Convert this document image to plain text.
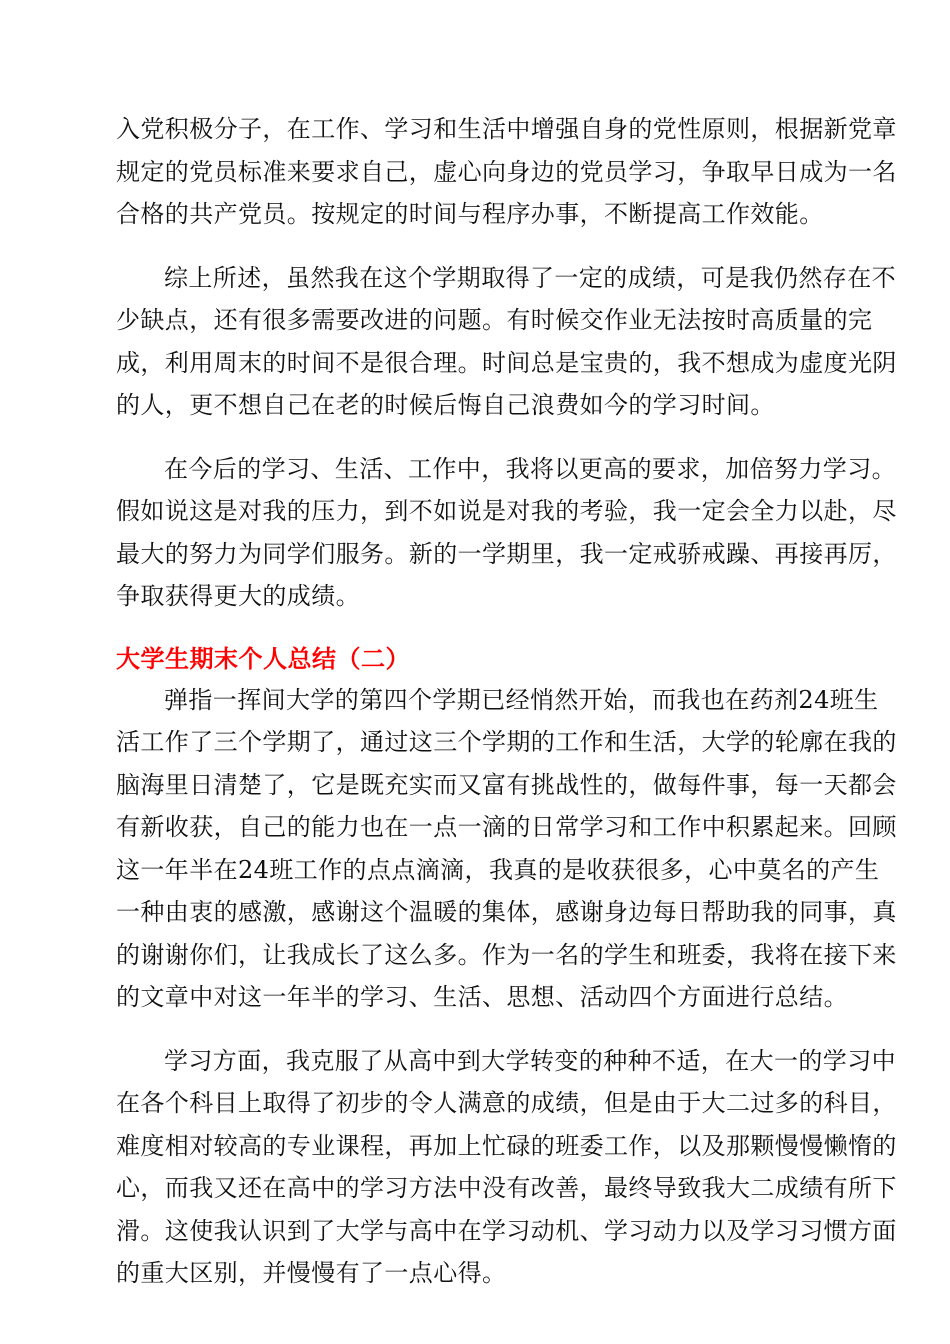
入党积极分子，在工作、学习和生活中增强自身的党性原则，根据新党章
规定的党员标准来要求自己，虚心向身边的党员学习，争取早日成为一名
合格的共产党员。按规定的时间与程序办事，不断提高工作效能。

综上所述，虽然我在这个学期取得了一定的成绩，可是我仍然存在不
少缺点，还有很多需要改进的问题。有时候交作业无法按时高质量的完
成，利用周末的时间不是很合理。时间总是宝贵的，我不想成为虚度光阴
的人，更不想自己在老的时候后悔自己浪费如今的学习时间。

在今后的学习、生活、工作中，我将以更高的要求，加倍努力学习。
假如说这是对我的压力，到不如说是对我的考验，我一定会全力以赴，尽
最大的努力为同学们服务。新的一学期里，我一定戒骄戒躁、再接再厉，
争取获得更大的成绩。

大学生期末个人总结（二）

弹指一挥间大学的第四个学期已经悄然开始，而我也在药剂24班生
活工作了三个学期了，通过这三个学期的工作和生活，大学的轮廓在我的
脑海里日清楚了，它是既充实而又富有挑战性的，做每件事，每一天都会
有新收获，自己的能力也在一点一滴的日常学习和工作中积累起来。回顾
这一年半在24班工作的点点滴滴，我真的是收获很多，心中莫名的产生
一种由衷的感激，感谢这个温暖的集体，感谢身边每日帮助我的同事，真
的谢谢你们，让我成长了这么多。作为一名的学生和班委，我将在接下来
的文章中对这一年半的学习、生活、思想、活动四个方面进行总结。

学习方面，我克服了从高中到大学转变的种种不适，在大一的学习中
在各个科目上取得了初步的令人满意的成绩，但是由于大二过多的科目，
难度相对较高的专业课程，再加上忙碌的班委工作，以及那颗慢慢懒惰的
心，而我又还在高中的学习方法中没有改善，最终导致我大二成绩有所下
滑。这使我认识到了大学与高中在学习动机、学习动力以及学习习惯方面
的重大区别，并慢慢有了一点心得。
